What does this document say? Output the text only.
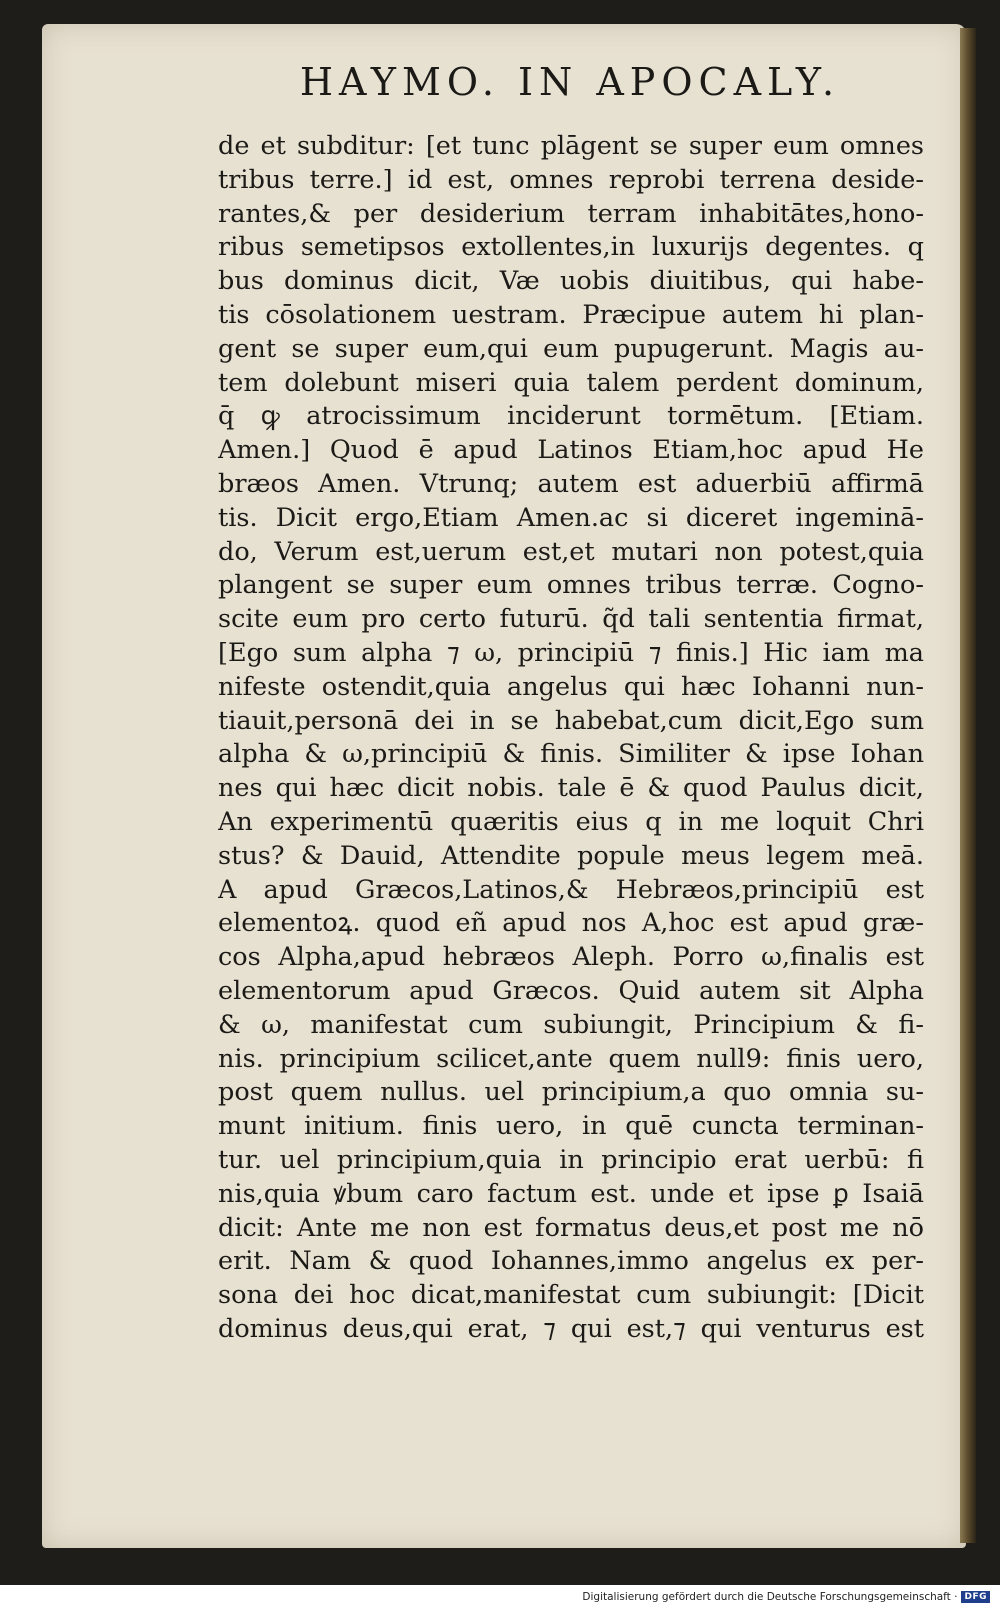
HAYMO. IN APOCALY.
de et subditur: [et tunc plāgent se super eum omnes
tribus terre.] id est, omnes reprobi terrena deside-
rantes,& per desiderium terram inhabitātes,hono-
ribus semetipsos extollentes,in luxurijs degentes. q
bus dominus dicit, Væ uobis diuitibus, qui habe-
tis cōsolationem uestram. Præcipue autem hi plan-
gent se super eum,qui eum pupugerunt. Magis au-
tem dolebunt miseri quia talem perdent dominum,
q̄ ꝙ atrocissimum inciderunt tormētum. [Etiam.
Amen.] Quod ē apud Latinos Etiam,hoc apud He
bræos Amen. Vtrunq; autem est aduerbiū affirmā
tis. Dicit ergo,Etiam Amen.ac si diceret ingeminā-
do, Verum est,uerum est,et mutari non potest,quia
plangent se super eum omnes tribus terræ. Cogno-
scite eum pro certo futurū. q̃d tali sententia firmat,
[Ego sum alpha ⁊ ω, principiū ⁊ finis.] Hic iam ma
nifeste ostendit,quia angelus qui hæc Iohanni nun-
tiauit,personā dei in se habebat,cum dicit,Ego sum
alpha & ω,principiū & finis. Similiter & ipse Iohan
nes qui hæc dicit nobis. tale ē & quod Paulus dicit,
An experimentū quæritis eius q in me loquit Chri
stus? & Dauid, Attendite popule meus legem meā.
A apud Græcos,Latinos,& Hebræos,principiū est
elementoꝝ. quod eñ apud nos A,hoc est apud græ-
cos Alpha,apud hebræos Aleph. Porro ω,finalis est
elementorum apud Græcos. Quid autem sit Alpha
& ω, manifestat cum subiungit, Principium & fi-
nis. principium scilicet,ante quem null9: finis uero,
post quem nullus. uel principium,a quo omnia su-
munt initium. finis uero, in quē cuncta terminan-
tur. uel principium,quia in principio erat uerbū: fi
nis,quia ꝟbum caro factum est. unde et ipse ꝑ Isaiā
dicit: Ante me non est formatus deus,et post me nō
erit. Nam & quod Iohannes,immo angelus ex per-
sona dei hoc dicat,manifestat cum subiungit: [Dicit
dominus deus,qui erat, ⁊ qui est,⁊ qui venturus est
Digitalisierung gefördert durch die Deutsche Forschungsgemeinschaft · DFG
